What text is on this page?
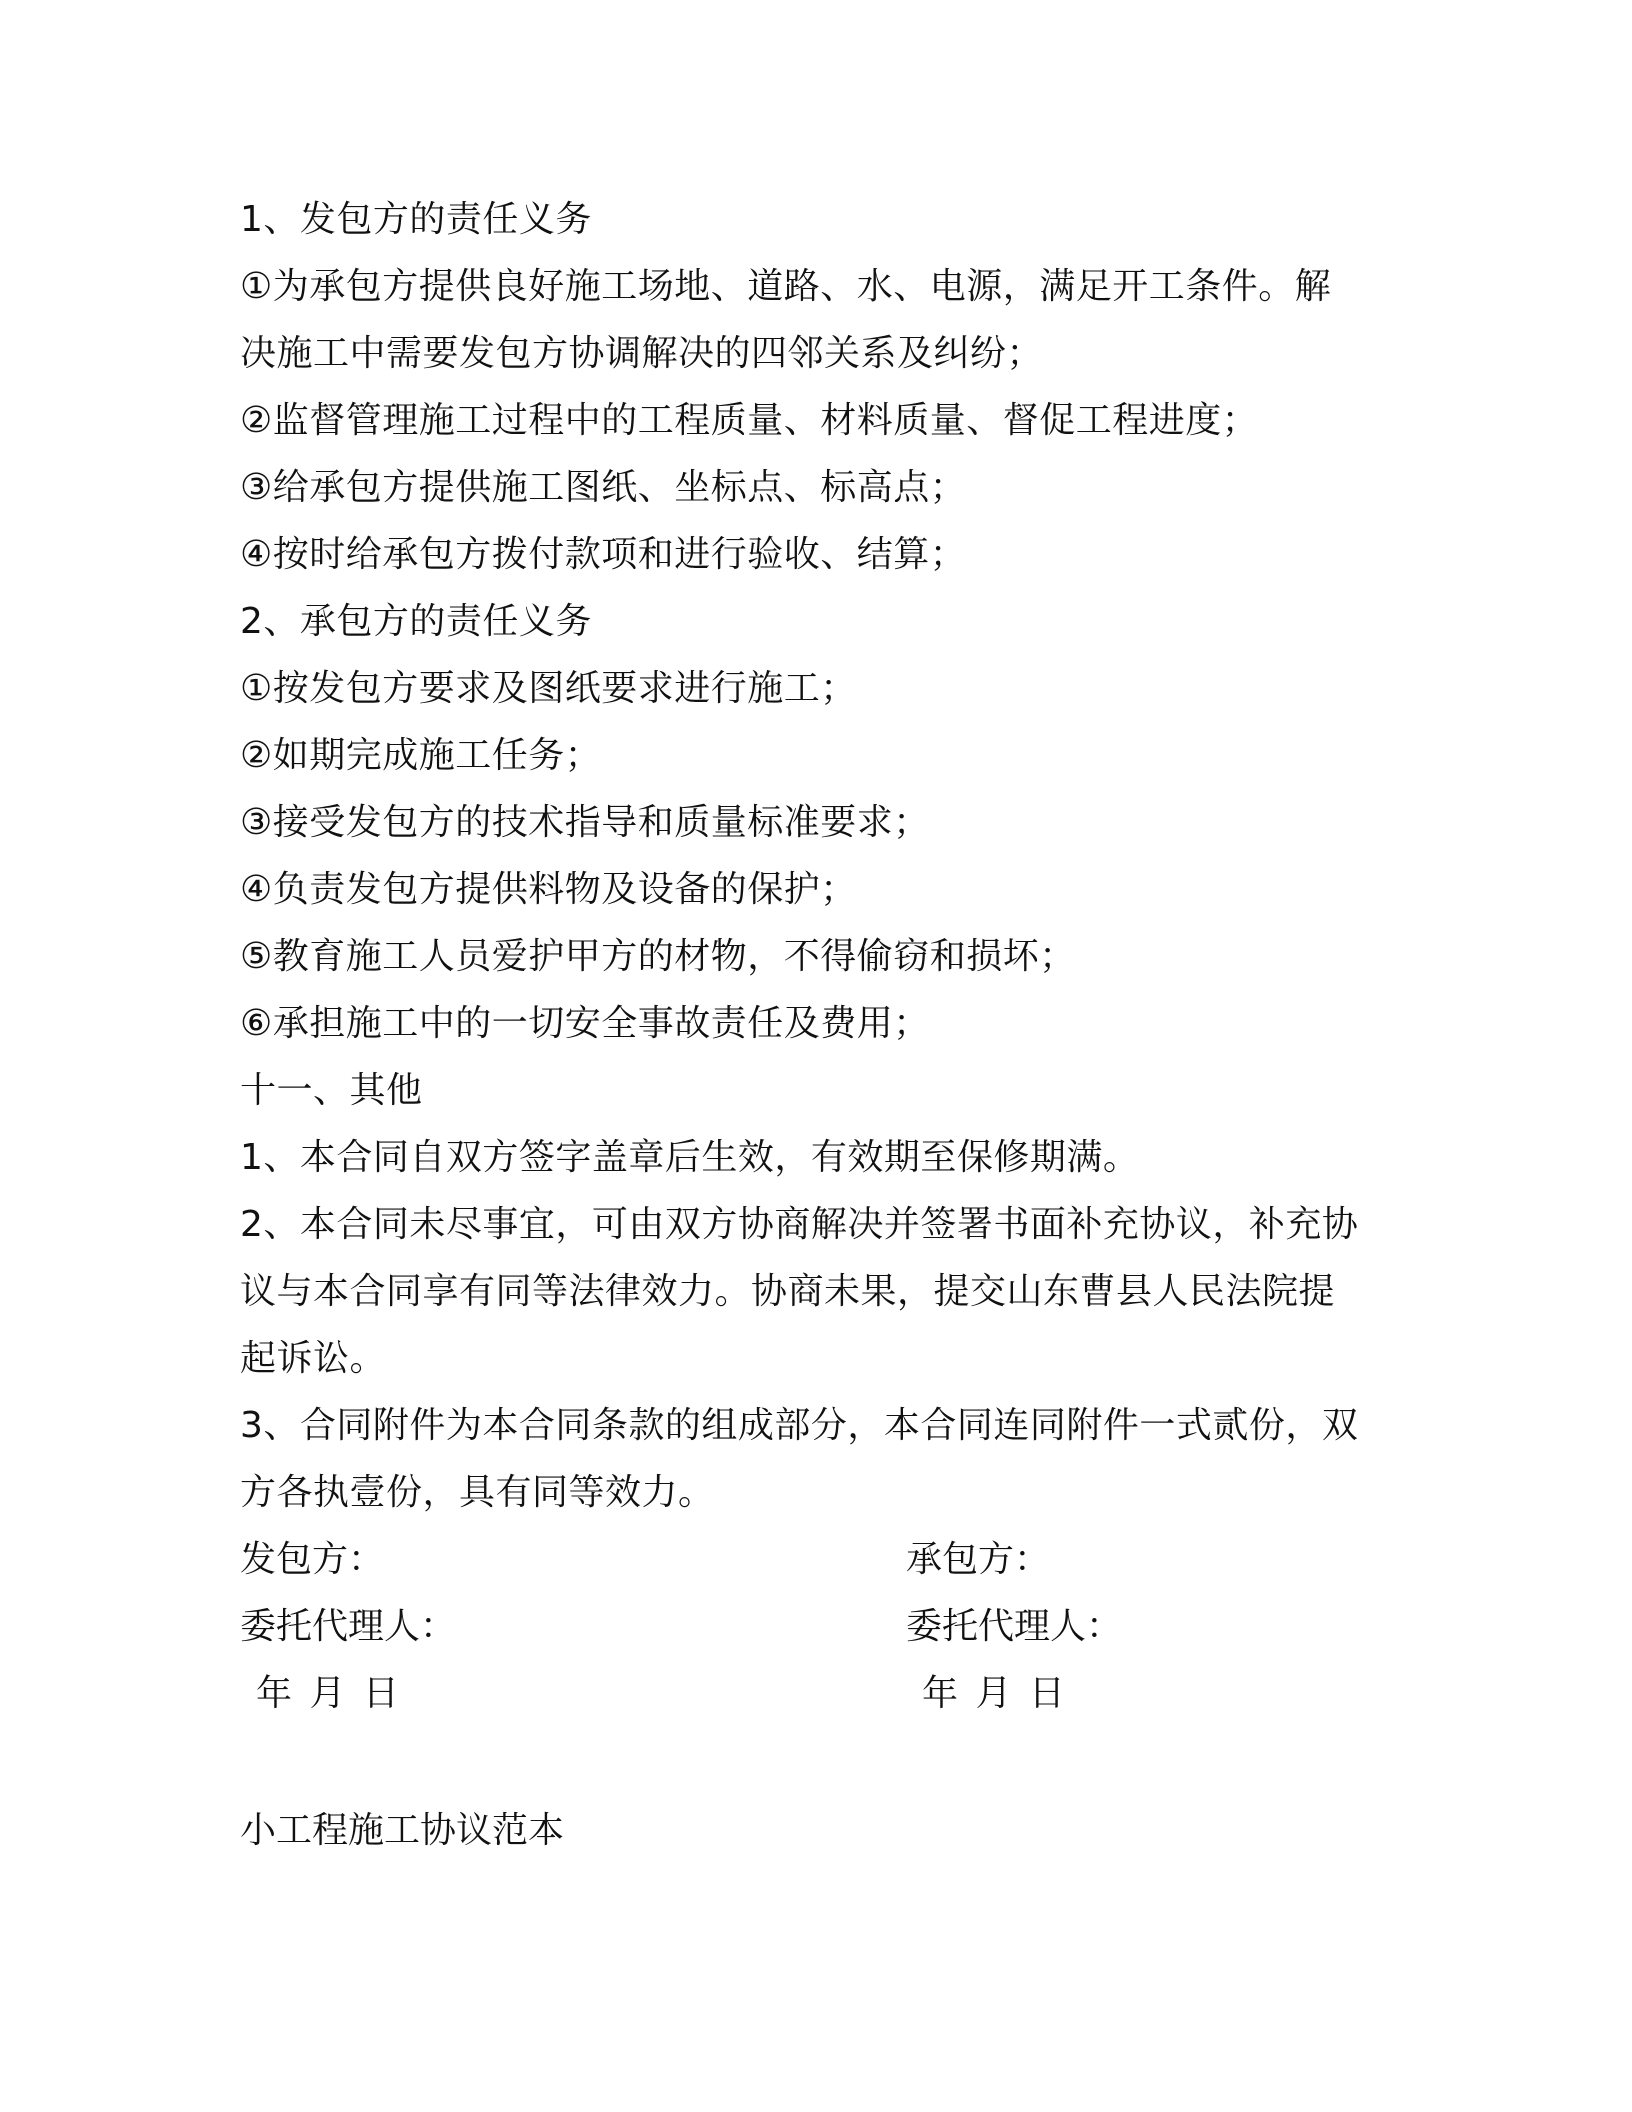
1、发包方的责任义务
①为承包方提供良好施工场地、道路、水、电源，满足开工条件。解
决施工中需要发包方协调解决的四邻关系及纠纷；
②监督管理施工过程中的工程质量、材料质量、督促工程进度；
③给承包方提供施工图纸、坐标点、标高点；
④按时给承包方拨付款项和进行验收、结算；
2、承包方的责任义务
①按发包方要求及图纸要求进行施工；
②如期完成施工任务；
③接受发包方的技术指导和质量标准要求；
④负责发包方提供料物及设备的保护；
⑤教育施工人员爱护甲方的材物，不得偷窃和损坏；
⑥承担施工中的一切安全事故责任及费用；
十一、其他
1、本合同自双方签字盖章后生效，有效期至保修期满。
2、本合同未尽事宜，可由双方协商解决并签署书面补充协议，补充协
议与本合同享有同等法律效力。协商未果，提交山东曹县人民法院提
起诉讼。
3、合同附件为本合同条款的组成部分，本合同连同附件一式贰份，双
方各执壹份，具有同等效力。
发包方：	承包方：
委托代理人：	委托代理人：
年 月 日	年 月 日
小工程施工协议范本
